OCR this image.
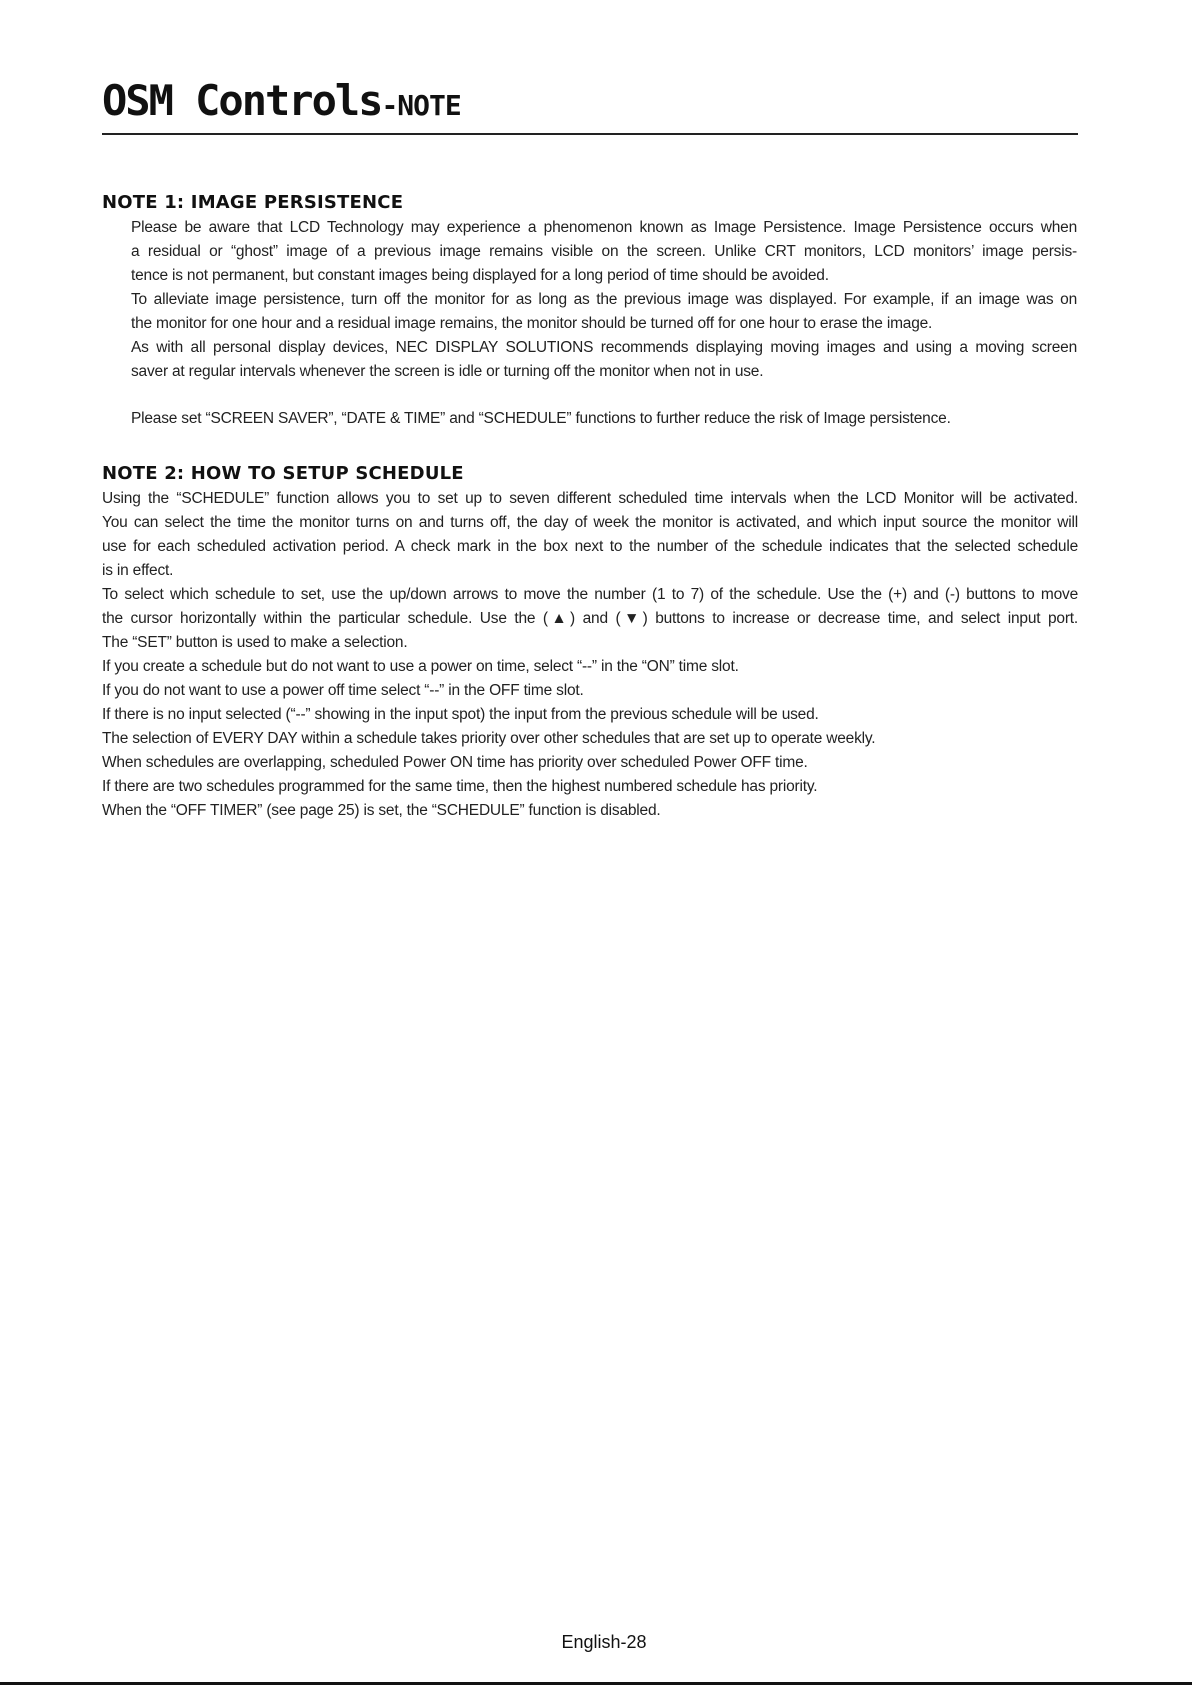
OSM Controls-NOTE
NOTE 1: IMAGE PERSISTENCE
Please be aware that LCD Technology may experience a phenomenon known as Image Persistence. Image Persistence occurs when
a residual or “ghost” image of a previous image remains visible on the screen. Unlike CRT monitors, LCD monitors’ image persis-
tence is not permanent, but constant images being displayed for a long period of time should be avoided.
To alleviate image persistence, turn off the monitor for as long as the previous image was displayed. For example, if an image was on
the monitor for one hour and a residual image remains, the monitor should be turned off for one hour to erase the image.
As with all personal display devices, NEC DISPLAY SOLUTIONS recommends displaying moving images and using a moving screen
saver at regular intervals whenever the screen is idle or turning off the monitor when not in use.
Please set “SCREEN SAVER”, “DATE & TIME” and “SCHEDULE” functions to further reduce the risk of Image persistence.
NOTE 2: HOW TO SETUP SCHEDULE
Using the “SCHEDULE” function allows you to set up to seven different scheduled time intervals when the LCD Monitor will be activated.
You can select the time the monitor turns on and turns off, the day of week the monitor is activated, and which input source the monitor will
use for each scheduled activation period. A check mark in the box next to the number of the schedule indicates that the selected schedule
is in effect.
To select which schedule to set, use the up/down arrows to move the number (1 to 7) of the schedule. Use the (+) and (-) buttons to move
the cursor horizontally within the particular schedule. Use the (▲) and (▼) buttons to increase or decrease time, and select input port.
The “SET” button is used to make a selection.
If you create a schedule but do not want to use a power on time, select “--” in the “ON” time slot.
If you do not want to use a power off time select “--” in the OFF time slot.
If there is no input selected (“--” showing in the input spot) the input from the previous schedule will be used.
The selection of EVERY DAY within a schedule takes priority over other schedules that are set up to operate weekly.
When schedules are overlapping, scheduled Power ON time has priority over scheduled Power OFF time.
If there are two schedules programmed for the same time, then the highest numbered schedule has priority.
When the “OFF TIMER” (see page 25) is set, the “SCHEDULE” function is disabled.
English-28
